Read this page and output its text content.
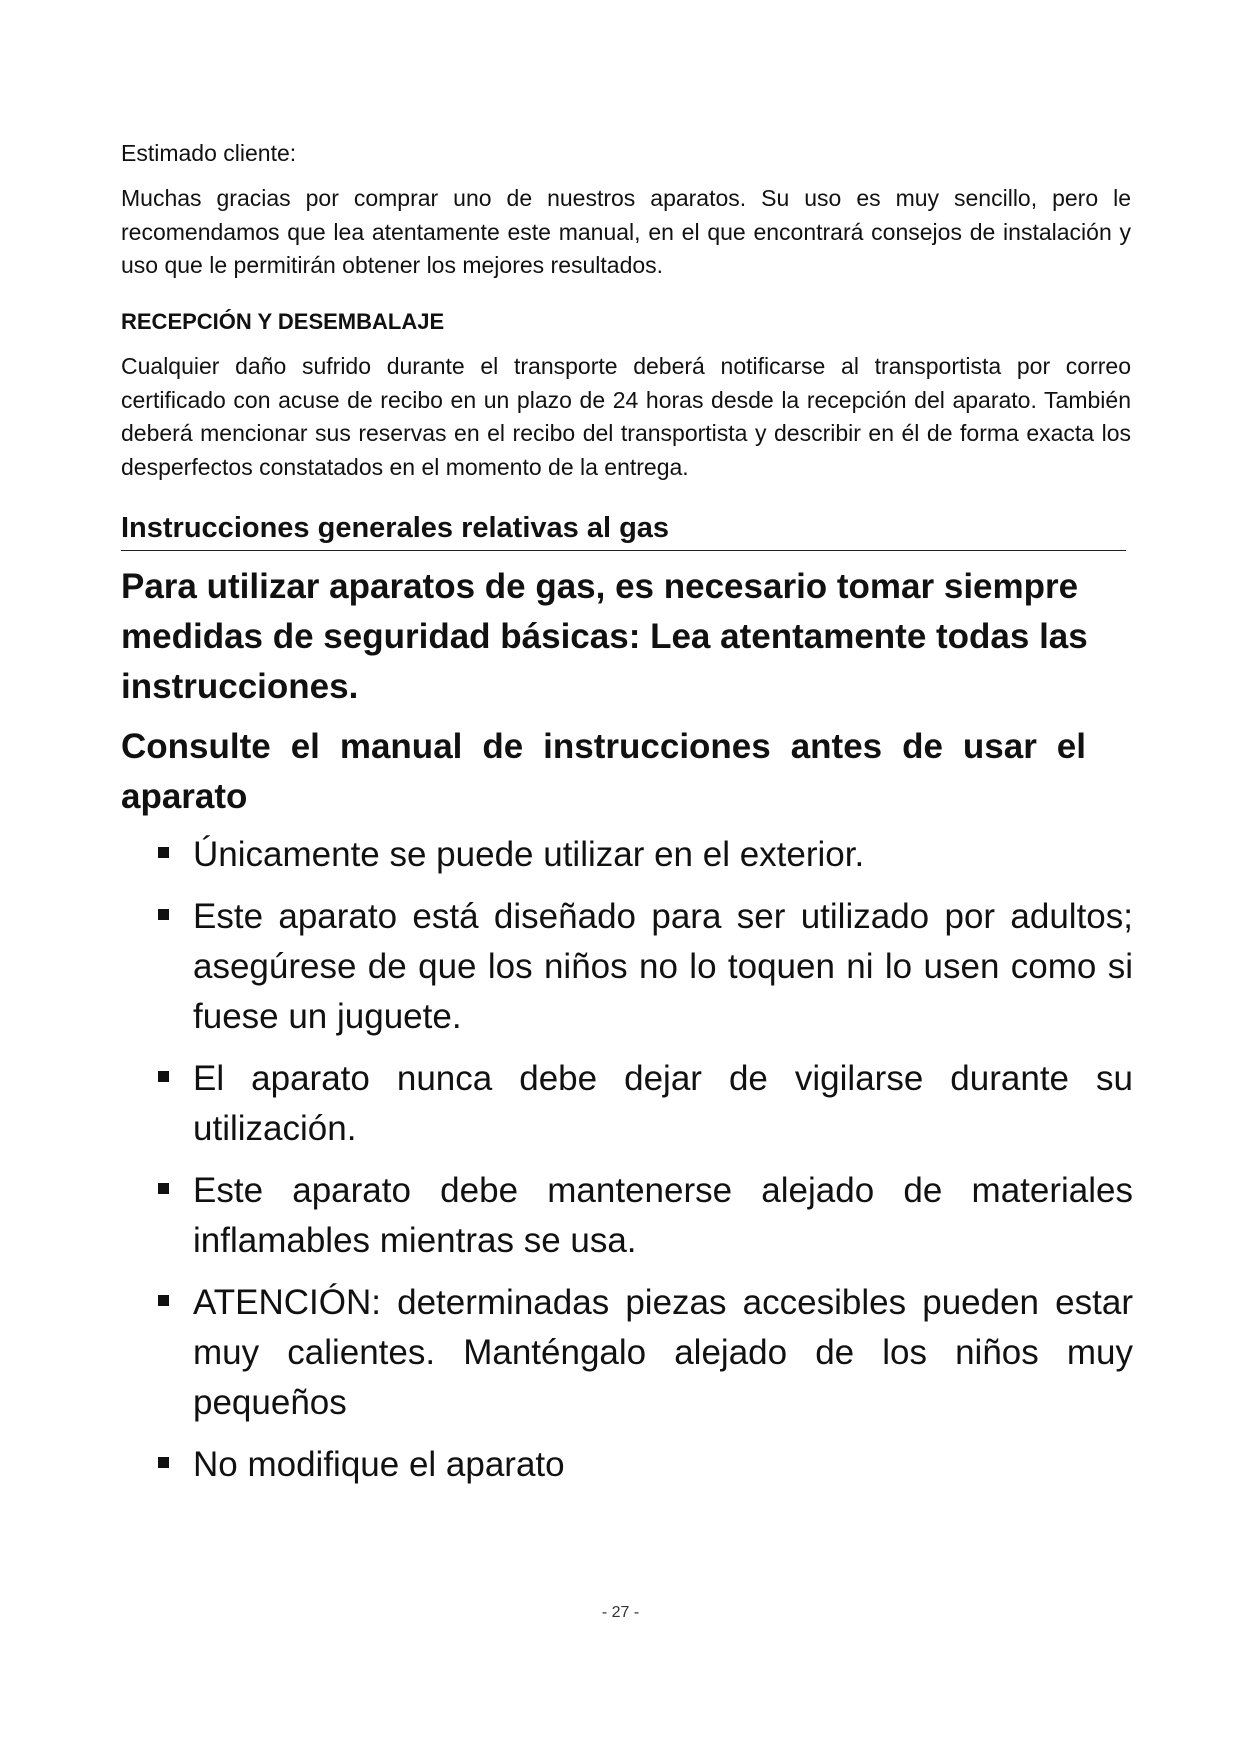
Estimado cliente:

Muchas gracias por comprar uno de nuestros aparatos. Su uso es muy sencillo, pero le recomendamos que lea atentamente este manual, en el que encontrará consejos de instalación y uso que le permitirán obtener los mejores resultados.

RECEPCIÓN Y DESEMBALAJE

Cualquier daño sufrido durante el transporte deberá notificarse al transportista por correo certificado con acuse de recibo en un plazo de 24 horas desde la recepción del aparato. También deberá mencionar sus reservas en el recibo del transportista y describir en él de forma exacta los desperfectos constatados en el momento de la entrega.

Instrucciones generales relativas al gas

Para utilizar aparatos de gas, es necesario tomar siempre medidas de seguridad básicas: Lea atentamente todas las instrucciones.

Consulte el manual de instrucciones antes de usar el aparato

Únicamente se puede utilizar en el exterior.
Este aparato está diseñado para ser utilizado por adultos; asegúrese de que los niños no lo toquen ni lo usen como si fuese un juguete.
El aparato nunca debe dejar de vigilarse durante su utilización.
Este aparato debe mantenerse alejado de materiales inflamables mientras se usa.
ATENCIÓN: determinadas piezas accesibles pueden estar muy calientes. Manténgalo alejado de los niños muy pequeños
No modifique el aparato

- 27 -
